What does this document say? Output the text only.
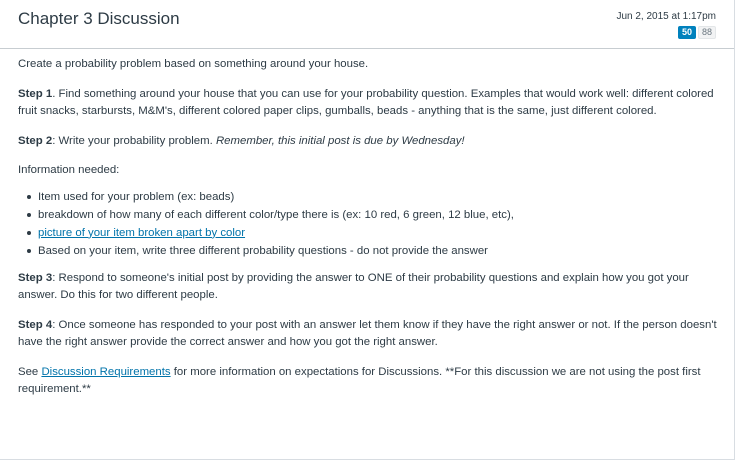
Chapter 3 Discussion	Jun 2, 2015 at 1:17pm
50	88

Create a probability problem based on something around your house.

Step 1. Find something around your house that you can use for your probability question. Examples that would work well: different colored fruit snacks, starbursts, M&M's, different colored paper clips, gumballs, beads - anything that is the same, just different colored.

Step 2: Write your probability problem. Remember, this initial post is due by Wednesday!

Information needed:

Item used for your problem (ex: beads)
breakdown of how many of each different color/type there is (ex: 10 red, 6 green, 12 blue, etc),
picture of your item broken apart by color
Based on your item, write three different probability questions - do not provide the answer

Step 3: Respond to someone's initial post by providing the answer to ONE of their probability questions and explain how you got your answer. Do this for two different people.

Step 4: Once someone has responded to your post with an answer let them know if they have the right answer or not. If the person doesn't have the right answer provide the correct answer and how you got the right answer.

See Discussion Requirements for more information on expectations for Discussions. **For this discussion we are not using the post first requirement.**
